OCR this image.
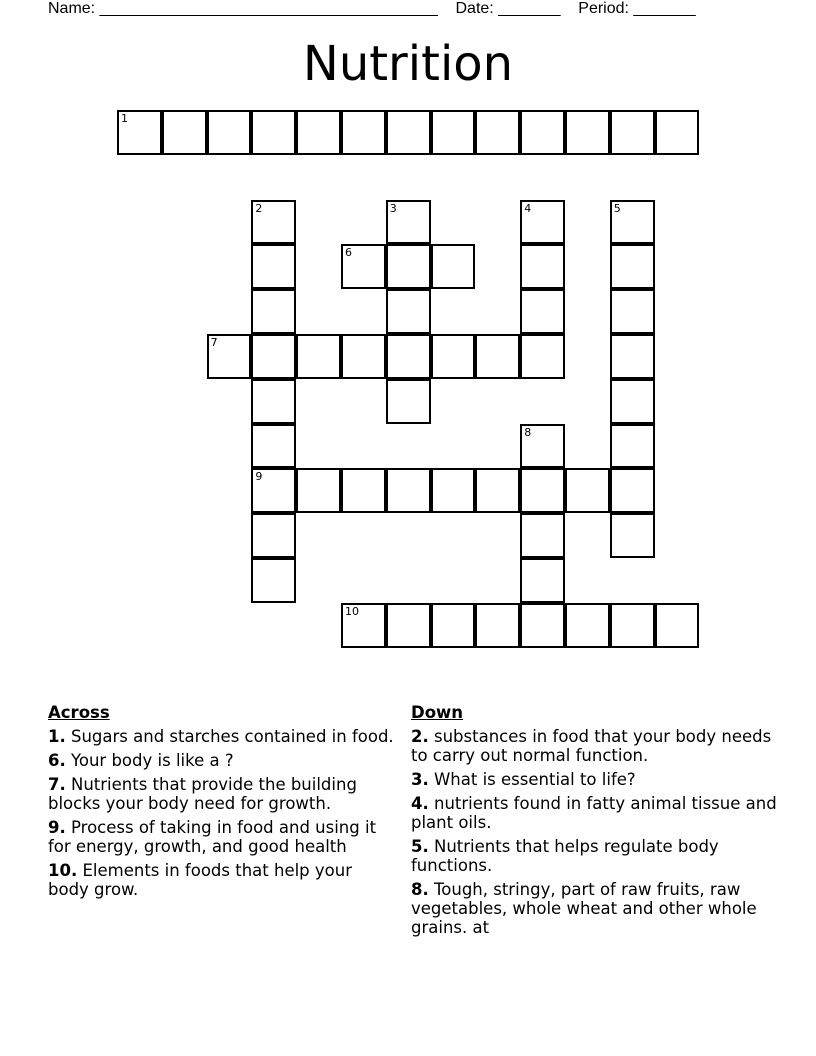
Name: ______________________________________ Date: _______ Period: _______
Nutrition
1
2
9
3	4	5
6
7
8
10
Across
1. Sugars and starches contained in food.
6. Your body is like a ?
7. Nutrients that provide the building blocks your body need for growth.
9. Process of taking in food and using it for energy, growth, and good health
10. Elements in foods that help your body grow.
Down
2. substances in food that your body needs to carry out normal function.
3. What is essential to life?
4. nutrients found in fatty animal tissue and plant oils.
5. Nutrients that helps regulate body functions.
8. Tough, stringy, part of raw fruits, raw vegetables, whole wheat and other whole grains. at
